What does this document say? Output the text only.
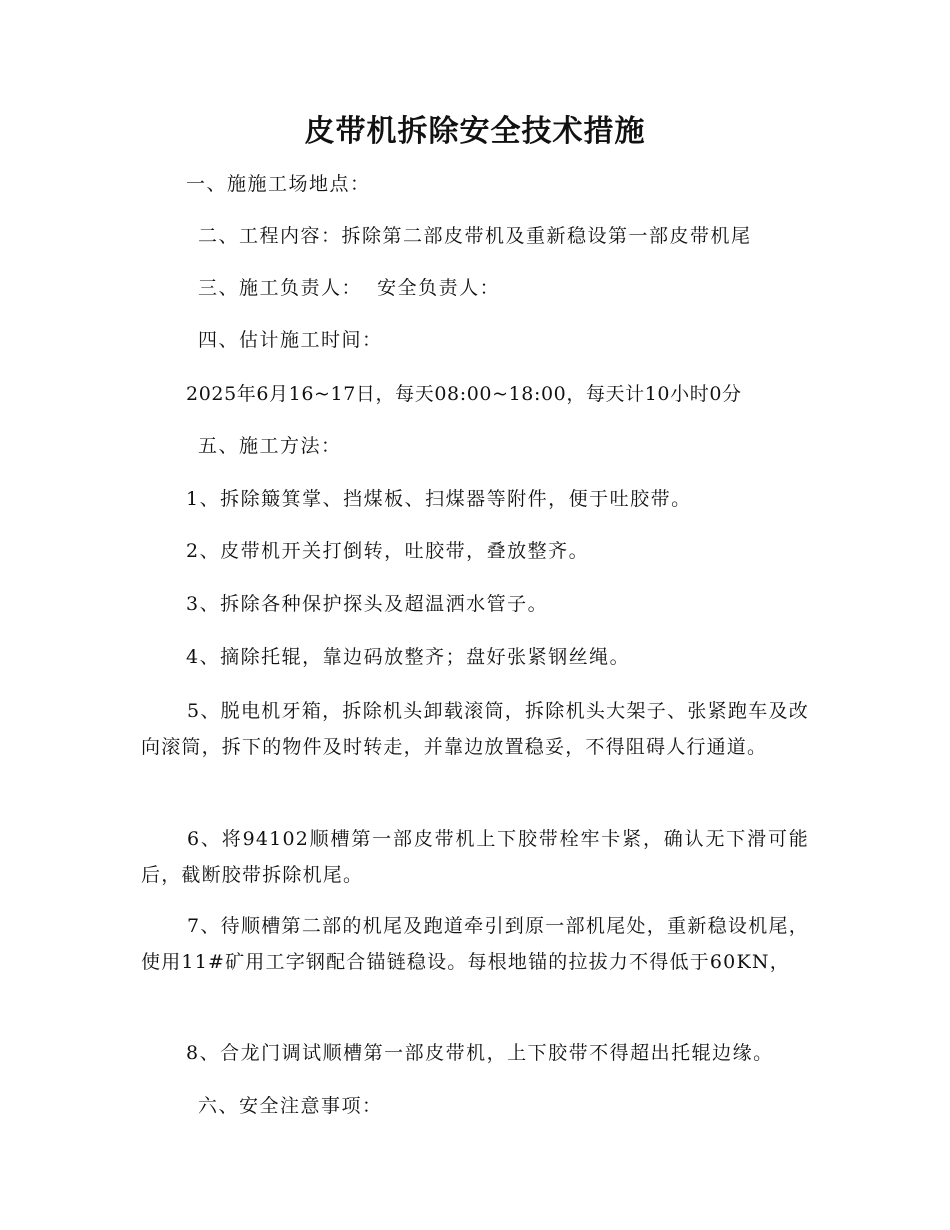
皮带机拆除安全技术措施
一、施施工场地点：
二、工程内容：拆除第二部皮带机及重新稳设第一部皮带机尾
三、施工负责人：  安全负责人：
四、估计施工时间：
2025年6月16~17日，每天08:00~18:00，每天计10小时0分
五、施工方法：
1、拆除簸箕掌、挡煤板、扫煤器等附件，便于吐胶带。
2、皮带机开关打倒转，吐胶带，叠放整齐。
3、拆除各种保护探头及超温洒水管子。
4、摘除托辊，靠边码放整齐；盘好张紧钢丝绳。
5、脱电机牙箱，拆除机头卸载滚筒，拆除机头大架子、张紧跑车及改向滚筒，拆下的物件及时转走，并靠边放置稳妥，不得阻碍人行通道。
6、将94102顺槽第一部皮带机上下胶带栓牢卡紧，确认无下滑可能后，截断胶带拆除机尾。
7、待顺槽第二部的机尾及跑道牵引到原一部机尾处，重新稳设机尾，使用11#矿用工字钢配合锚链稳设。每根地锚的拉拔力不得低于60KN，
8、合龙门调试顺槽第一部皮带机，上下胶带不得超出托辊边缘。
六、安全注意事项：
